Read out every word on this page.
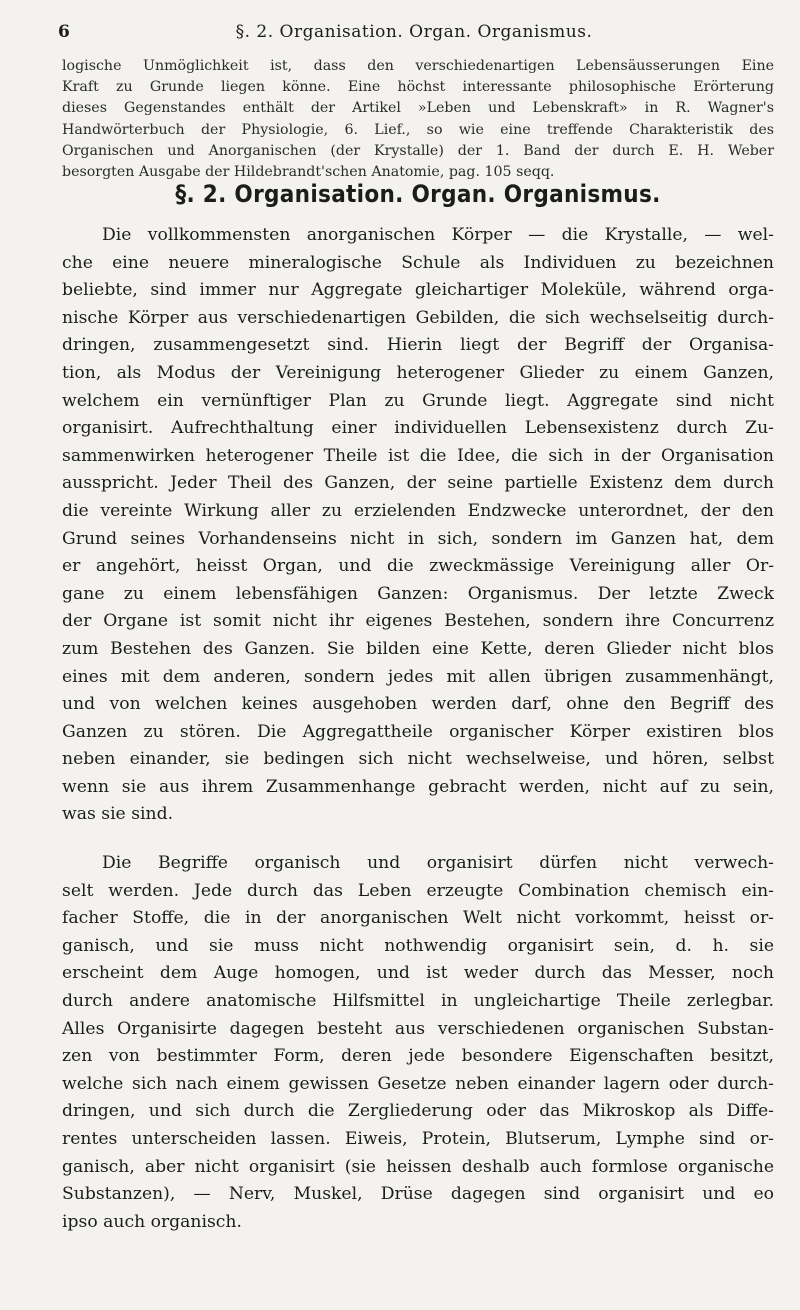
6	§. 2. Organisation. Organ. Organismus.
logische Unmöglichkeit ist, dass den verschiedenartigen Lebensäusserungen Eine
Kraft zu Grunde liegen könne. Eine höchst interessante philosophische Erörterung
dieses Gegenstandes enthält der Artikel »Leben und Lebenskraft» in R. Wagner's
Handwörterbuch der Physiologie, 6. Lief., so wie eine treffende Charakteristik des
Organischen und Anorganischen (der Krystalle) der 1. Band der durch E. H. Weber
besorgten Ausgabe der Hildebrandt'schen Anatomie, pag. 105 seqq.
§. 2. Organisation. Organ. Organismus.
Die vollkommensten anorganischen Körper — die Krystalle, — wel-
che eine neuere mineralogische Schule als Individuen zu bezeichnen
beliebte, sind immer nur Aggregate gleichartiger Moleküle, während orga-
nische Körper aus verschiedenartigen Gebilden, die sich wechselseitig durch-
dringen, zusammengesetzt sind. Hierin liegt der Begriff der Organisa-
tion, als Modus der Vereinigung heterogener Glieder zu einem Ganzen,
welchem ein vernünftiger Plan zu Grunde liegt. Aggregate sind nicht
organisirt. Aufrechthaltung einer individuellen Lebensexistenz durch Zu-
sammenwirken heterogener Theile ist die Idee, die sich in der Organisation
ausspricht. Jeder Theil des Ganzen, der seine partielle Existenz dem durch
die vereinte Wirkung aller zu erzielenden Endzwecke unterordnet, der den
Grund seines Vorhandenseins nicht in sich, sondern im Ganzen hat, dem
er angehört, heisst Organ, und die zweckmässige Vereinigung aller Or-
gane zu einem lebensfähigen Ganzen: Organismus. Der letzte Zweck
der Organe ist somit nicht ihr eigenes Bestehen, sondern ihre Concurrenz
zum Bestehen des Ganzen. Sie bilden eine Kette, deren Glieder nicht blos
eines mit dem anderen, sondern jedes mit allen übrigen zusammenhängt,
und von welchen keines ausgehoben werden darf, ohne den Begriff des
Ganzen zu stören. Die Aggregattheile organischer Körper existiren blos
neben einander, sie bedingen sich nicht wechselweise, und hören, selbst
wenn sie aus ihrem Zusammenhange gebracht werden, nicht auf zu sein,
was sie sind.
Die Begriffe organisch und organisirt dürfen nicht verwech-
selt werden. Jede durch das Leben erzeugte Combination chemisch ein-
facher Stoffe, die in der anorganischen Welt nicht vorkommt, heisst or-
ganisch, und sie muss nicht nothwendig organisirt sein, d. h. sie
erscheint dem Auge homogen, und ist weder durch das Messer, noch
durch andere anatomische Hilfsmittel in ungleichartige Theile zerlegbar.
Alles Organisirte dagegen besteht aus verschiedenen organischen Substan-
zen von bestimmter Form, deren jede besondere Eigenschaften besitzt,
welche sich nach einem gewissen Gesetze neben einander lagern oder durch-
dringen, und sich durch die Zergliederung oder das Mikroskop als Diffe-
rentes unterscheiden lassen. Eiweis, Protein, Blutserum, Lymphe sind or-
ganisch, aber nicht organisirt (sie heissen deshalb auch formlose organische
Substanzen), — Nerv, Muskel, Drüse dagegen sind organisirt und eo
ipso auch organisch.
